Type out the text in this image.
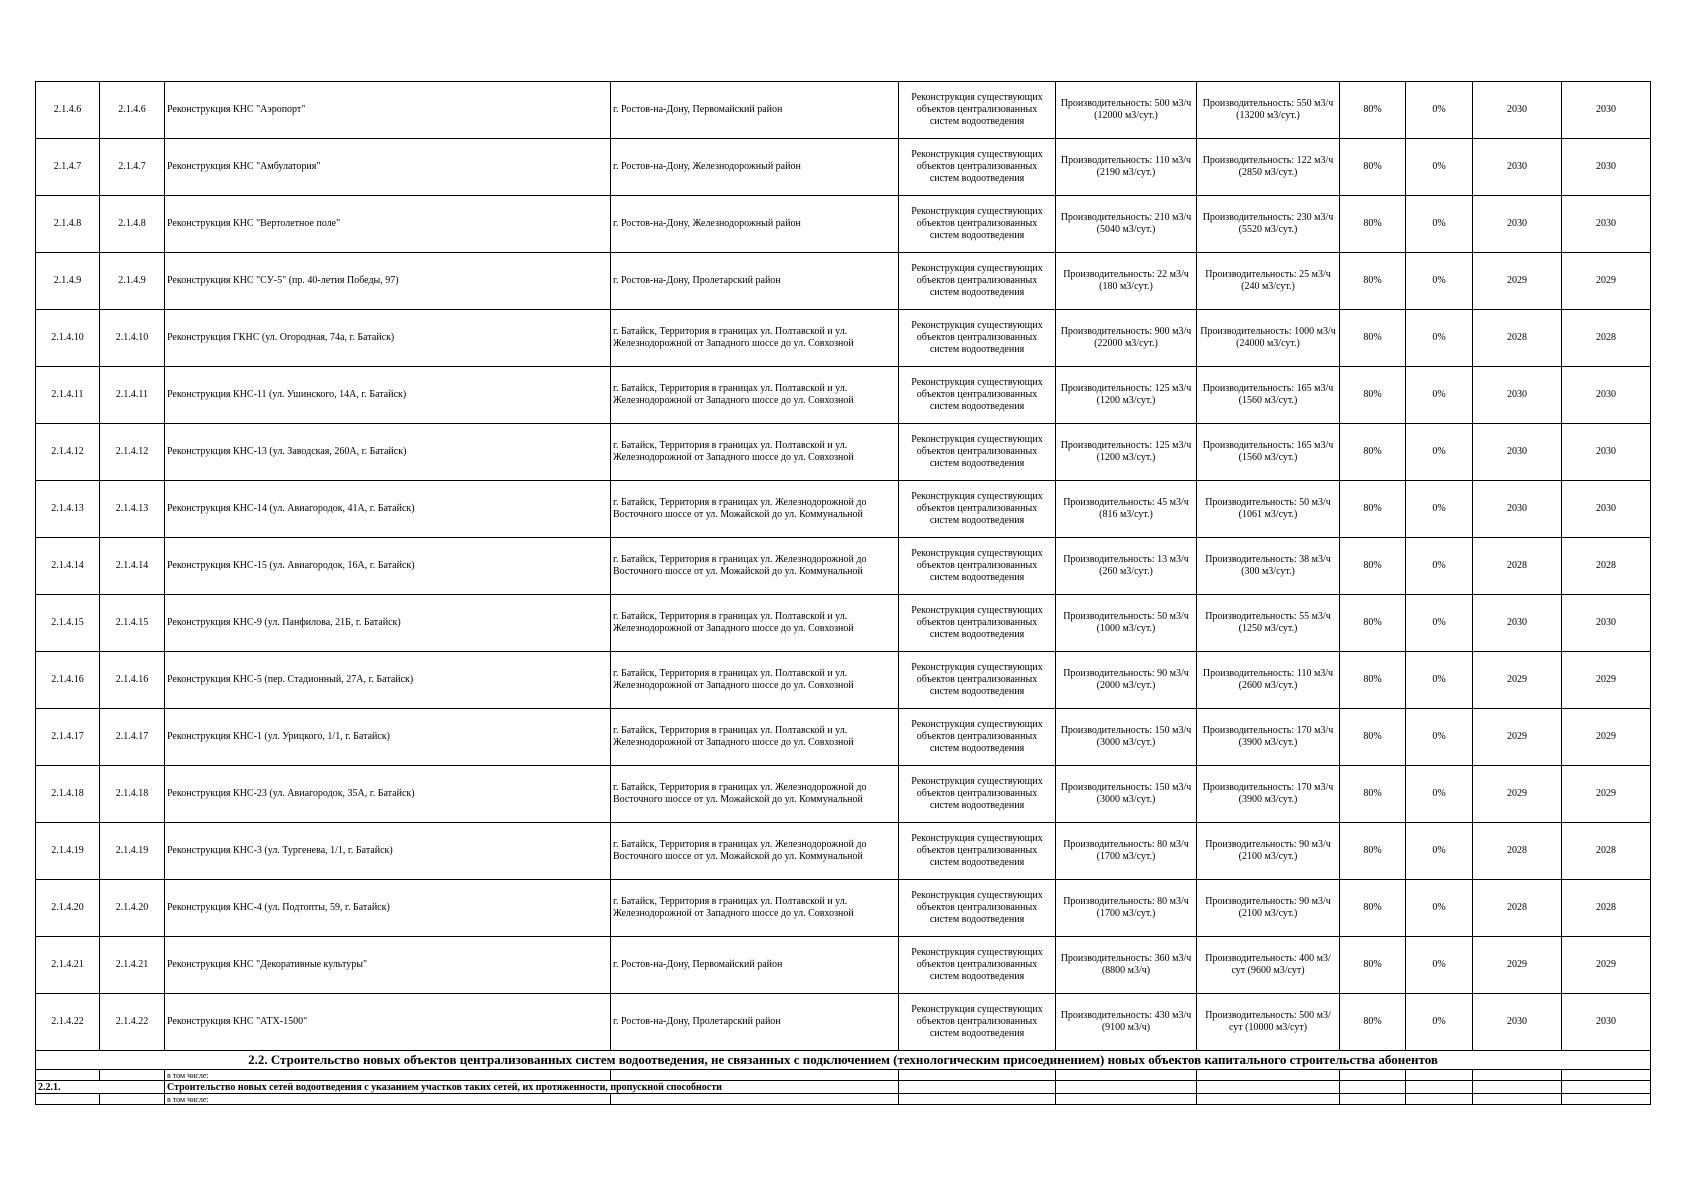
2.1.4.6	2.1.4.6	Реконструкция КНС "Аэропорт"	г. Ростов-на-Дону, Первомайский район	Реконструкция существующих объектов централизованных систем водоотведения	Производительность: 500 м3/ч (12000 м3/сут.)	Производительность: 550 м3/ч (13200 м3/сут.)	80%	0%	2030	2030
2.1.4.7	2.1.4.7	Реконструкция КНС "Амбулатория"	г. Ростов-на-Дону, Железнодорожный район	Реконструкция существующих объектов централизованных систем водоотведения	Производительность: 110 м3/ч (2190 м3/сут.)	Производительность: 122 м3/ч (2850 м3/сут.)	80%	0%	2030	2030
2.1.4.8	2.1.4.8	Реконструкция КНС "Вертолетное поле"	г. Ростов-на-Дону, Железнодорожный район	Реконструкция существующих объектов централизованных систем водоотведения	Производительность: 210 м3/ч (5040 м3/сут.)	Производительность: 230 м3/ч (5520 м3/сут.)	80%	0%	2030	2030
2.1.4.9	2.1.4.9	Реконструкция КНС "СУ-5" (пр. 40-летия Победы, 97)	г. Ростов-на-Дону, Пролетарский район	Реконструкция существующих объектов централизованных систем водоотведения	Производительность: 22 м3/ч (180 м3/сут.)	Производительность: 25 м3/ч (240 м3/сут.)	80%	0%	2029	2029
2.1.4.10	2.1.4.10	Реконструкция ГКНС (ул. Огородная, 74а, г. Батайск)	г. Батайск, Территория в границах ул. Полтавской и ул. Железнодорожной от Западного шоссе до ул. Совхозной	Реконструкция существующих объектов централизованных систем водоотведения	Производительность: 900 м3/ч (22000 м3/сут.)	Производительность: 1000 м3/ч (24000 м3/сут.)	80%	0%	2028	2028
2.1.4.11	2.1.4.11	Реконструкция КНС-11 (ул. Ушинского, 14А, г. Батайск)	г. Батайск, Территория в границах ул. Полтавской и ул. Железнодорожной от Западного шоссе до ул. Совхозной	Реконструкция существующих объектов централизованных систем водоотведения	Производительность: 125 м3/ч (1200 м3/сут.)	Производительность: 165 м3/ч (1560 м3/сут.)	80%	0%	2030	2030
2.1.4.12	2.1.4.12	Реконструкция КНС-13 (ул. Заводская, 260А, г. Батайск)	г. Батайск, Территория в границах ул. Полтавской и ул. Железнодорожной от Западного шоссе до ул. Совхозной	Реконструкция существующих объектов централизованных систем водоотведения	Производительность: 125 м3/ч (1200 м3/сут.)	Производительность: 165 м3/ч (1560 м3/сут.)	80%	0%	2030	2030
2.1.4.13	2.1.4.13	Реконструкция КНС-14 (ул. Авиагородок, 41А, г. Батайск)	г. Батайск, Территория в границах ул. Железнодорожной до Восточного шоссе от ул. Можайской до ул. Коммунальной	Реконструкция существующих объектов централизованных систем водоотведения	Производительность: 45 м3/ч (816 м3/сут.)	Производительность: 50 м3/ч (1061 м3/сут.)	80%	0%	2030	2030
2.1.4.14	2.1.4.14	Реконструкция КНС-15 (ул. Авиагородок, 16А, г. Батайск)	г. Батайск, Территория в границах ул. Железнодорожной до Восточного шоссе от ул. Можайской до ул. Коммунальной	Реконструкция существующих объектов централизованных систем водоотведения	Производительность: 13 м3/ч (260 м3/сут.)	Производительность: 38 м3/ч (300 м3/сут.)	80%	0%	2028	2028
2.1.4.15	2.1.4.15	Реконструкция КНС-9 (ул. Панфилова, 21Б, г. Батайск)	г. Батайск, Территория в границах ул. Полтавской и ул. Железнодорожной от Западного шоссе до ул. Совхозной	Реконструкция существующих объектов централизованных систем водоотведения	Производительность: 50 м3/ч (1000 м3/сут.)	Производительность: 55 м3/ч (1250 м3/сут.)	80%	0%	2030	2030
2.1.4.16	2.1.4.16	Реконструкция КНС-5 (пер. Стадионный, 27А, г. Батайск)	г. Батайск, Территория в границах ул. Полтавской и ул. Железнодорожной от Западного шоссе до ул. Совхозной	Реконструкция существующих объектов централизованных систем водоотведения	Производительность: 90 м3/ч (2000 м3/сут.)	Производительность: 110 м3/ч (2600 м3/сут.)	80%	0%	2029	2029
2.1.4.17	2.1.4.17	Реконструкция КНС-1 (ул. Урицкого, 1/1, г. Батайск)	г. Батайск, Территория в границах ул. Полтавской и ул. Железнодорожной от Западного шоссе до ул. Совхозной	Реконструкция существующих объектов централизованных систем водоотведения	Производительность: 150 м3/ч (3000 м3/сут.)	Производительность: 170 м3/ч (3900 м3/сут.)	80%	0%	2029	2029
2.1.4.18	2.1.4.18	Реконструкция КНС-23 (ул. Авиагородок, 35А, г. Батайск)	г. Батайск, Территория в границах ул. Железнодорожной до Восточного шоссе от ул. Можайской до ул. Коммунальной	Реконструкция существующих объектов централизованных систем водоотведения	Производительность: 150 м3/ч (3000 м3/сут.)	Производительность: 170 м3/ч (3900 м3/сут.)	80%	0%	2029	2029
2.1.4.19	2.1.4.19	Реконструкция КНС-3 (ул. Тургенева, 1/1, г. Батайск)	г. Батайск, Территория в границах ул. Железнодорожной до Восточного шоссе от ул. Можайской до ул. Коммунальной	Реконструкция существующих объектов централизованных систем водоотведения	Производительность: 80 м3/ч (1700 м3/сут.)	Производительность: 90 м3/ч (2100 м3/сут.)	80%	0%	2028	2028
2.1.4.20	2.1.4.20	Реконструкция КНС-4 (ул. Подтопты, 59, г. Батайск)	г. Батайск, Территория в границах ул. Полтавской и ул. Железнодорожной от Западного шоссе до ул. Совхозной	Реконструкция существующих объектов централизованных систем водоотведения	Производительность: 80 м3/ч (1700 м3/сут.)	Производительность: 90 м3/ч (2100 м3/сут.)	80%	0%	2028	2028
2.1.4.21	2.1.4.21	Реконструкция КНС "Декоративные культуры"	г. Ростов-на-Дону, Первомайский район	Реконструкция существующих объектов централизованных систем водоотведения	Производительность: 360 м3/ч (8800 м3/ч)	Производительность: 400 м3/сут (9600 м3/сут)	80%	0%	2029	2029
2.1.4.22	2.1.4.22	Реконструкция КНС "АТХ-1500"	г. Ростов-на-Дону, Пролетарский район	Реконструкция существующих объектов централизованных систем водоотведения	Производительность: 430 м3/ч (9100 м3/ч)	Производительность: 500 м3/сут (10000 м3/сут)	80%	0%	2030	2030
2.2. Строительство новых объектов централизованных систем водоотведения, не связанных с подключением (технологическим присоединением) новых объектов капитального строительства абонентов										
		в том числе:								
2.2.1.		Строительство новых сетей водоотведения с указанием участков таких сетей, их протяженности, пропускной способности								
		в том числе:								
